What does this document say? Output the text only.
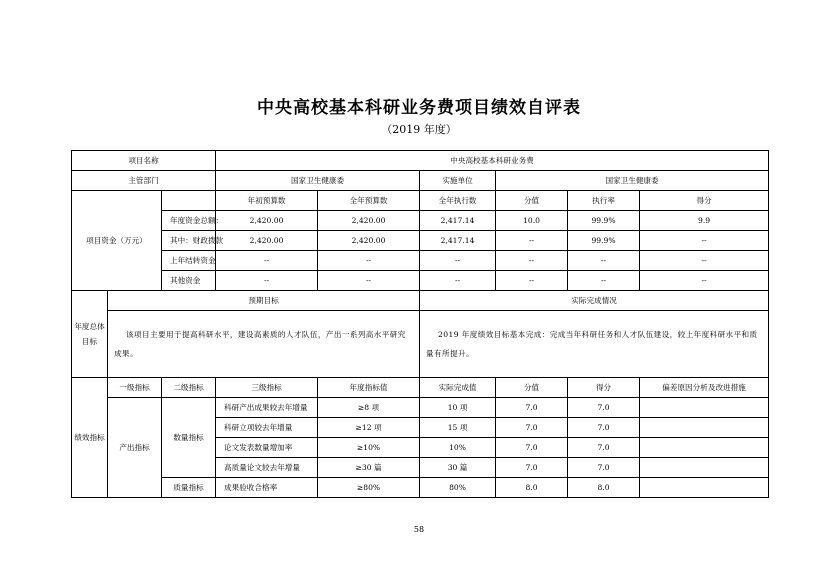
中央高校基本科研业务费项目绩效自评表
（2019 年度）
项目名称			中央高校基本科研业务费					
主管部门			国家卫生健康委		实施单位	国家卫生健康委		
项目资金（万元）			年初预算数	全年预算数	全年执行数	分值	执行率	得分
		年度资金总额：	2,420.00	2,420.00	2,417.14	10.0	99.9%	9.9
		其中：财政拨款	2,420.00	2,420.00	2,417.14	--	99.9%	--
		上年结转资金	--	--	--	--	--	--
		其他资金	--	--	--	--	--	--
年度总体目标	预期目标				实际完成情况			
	该项目主要用于提高科研水平，建设高素质的人才队伍，产出一系列高水平研究成果。				2019 年度绩效目标基本完成：完成当年科研任务和人才队伍建设，较上年度科研水平和质量有所提升。			
绩效指标	一级指标	二级指标	三级指标	年度指标值	实际完成值	分值	得分	偏差原因分析及改进措施
	产出指标	数量指标	科研产出成果较去年增量	≥8 项	10 项	7.0	7.0	
			科研立项较去年增量	≥12 项	15 项	7.0	7.0	
			论文发表数量增加率	≥10%	10%	7.0	7.0	
			高质量论文较去年增量	≥30 篇	30 篇	7.0	7.0	
		质量指标	成果验收合格率	≥80%	80%	8.0	8.0	
58
